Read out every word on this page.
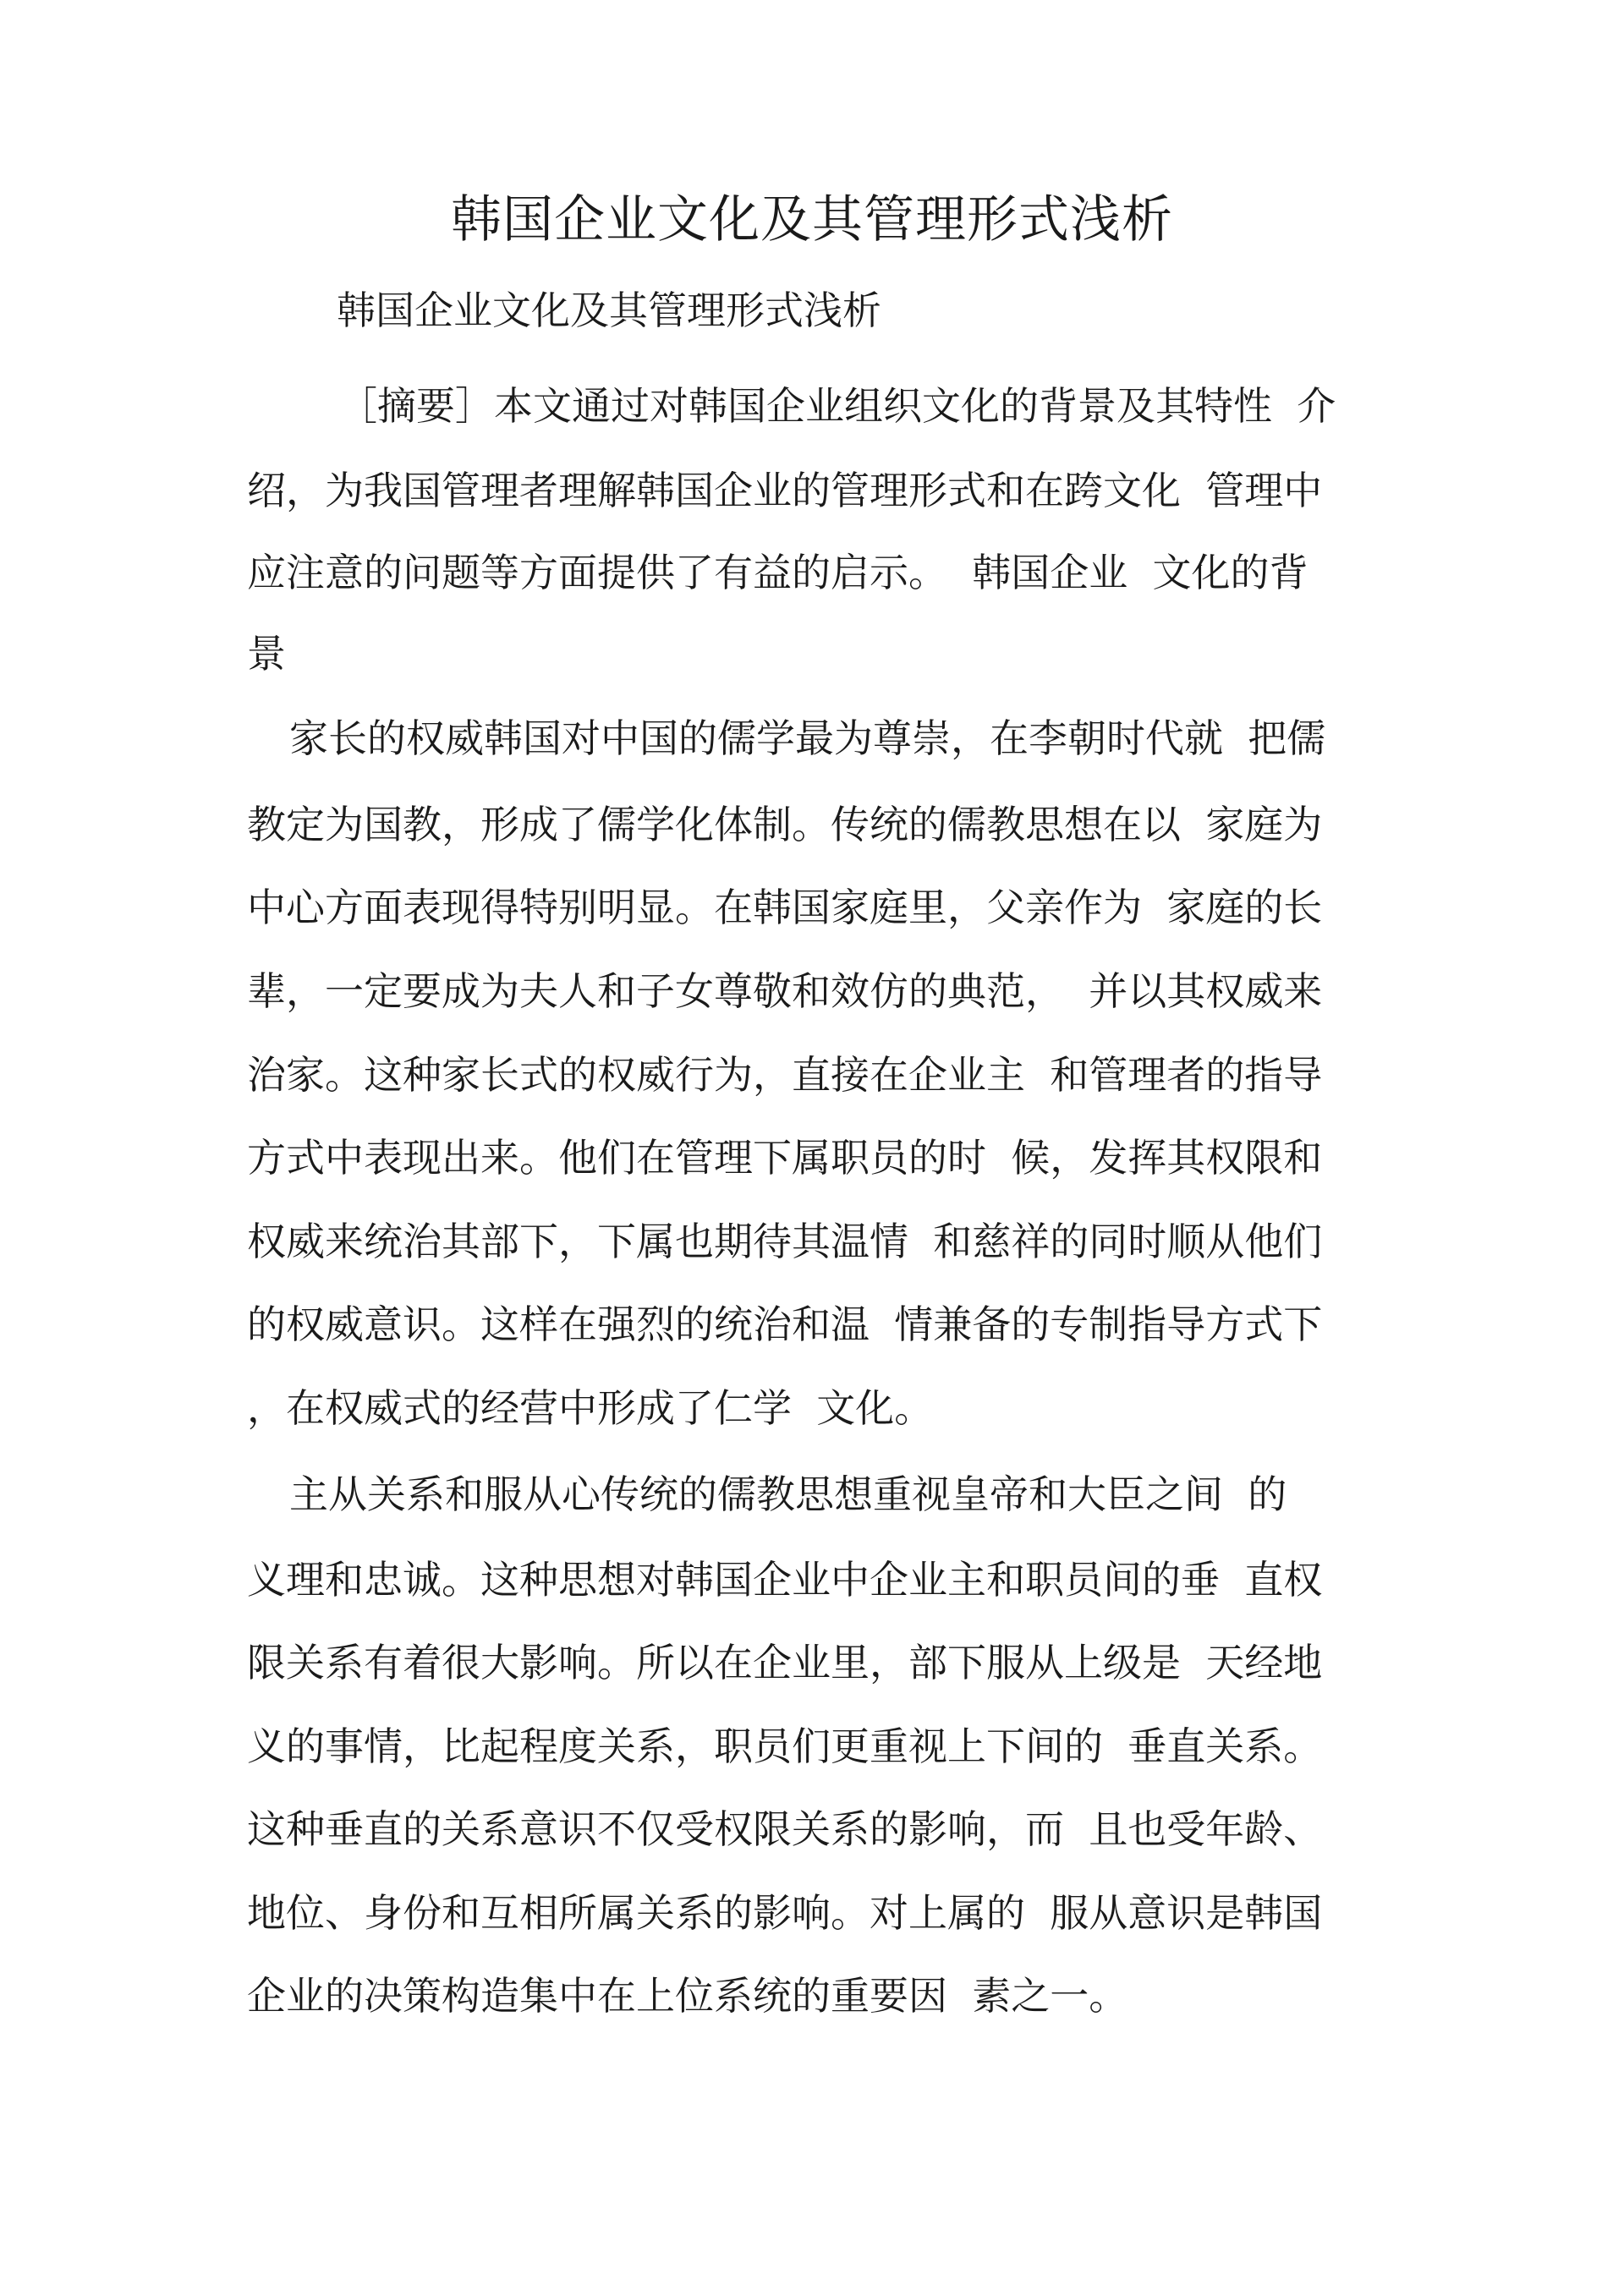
韩国企业文化及其管理形式浅析
韩国企业文化及其管理形式浅析
［摘要］本文通过对韩国企业组织文化的背景及其特性  介
绍，为我国管理者理解韩国企业的管理形式和在跨文化  管理中
应注意的问题等方面提供了有益的启示。  韩国企业  文化的背
景
家长的权威韩国对中国的儒学最为尊崇，在李朝时代就  把儒
教定为国教，形成了儒学化体制。传统的儒教思想在以  家庭为
中心方面表现得特别明显。在韩国家庭里，父亲作为  家庭的长
辈，一定要成为夫人和子女尊敬和效仿的典范，  并以其权威来
治家。这种家长式的权威行为，直接在企业主  和管理者的指导
方式中表现出来。他们在管理下属职员的时  候，发挥其权限和
权威来统治其部下，下属也期待其温情  和慈祥的同时顺从他们
的权威意识。这样在强烈的统治和温  情兼备的专制指导方式下
，在权威式的经营中形成了仁学  文化。
主从关系和服从心传统的儒教思想重视皇帝和大臣之间  的
义理和忠诚。这种思想对韩国企业中企业主和职员间的垂  直权
限关系有着很大影响。所以在企业里，部下服从上级是  天经地
义的事情，比起程度关系，职员们更重视上下间的  垂直关系。
这种垂直的关系意识不仅受权限关系的影响，而  且也受年龄、
地位、身份和互相所属关系的影响。对上属的  服从意识是韩国
企业的决策构造集中在上位系统的重要因  素之一。
